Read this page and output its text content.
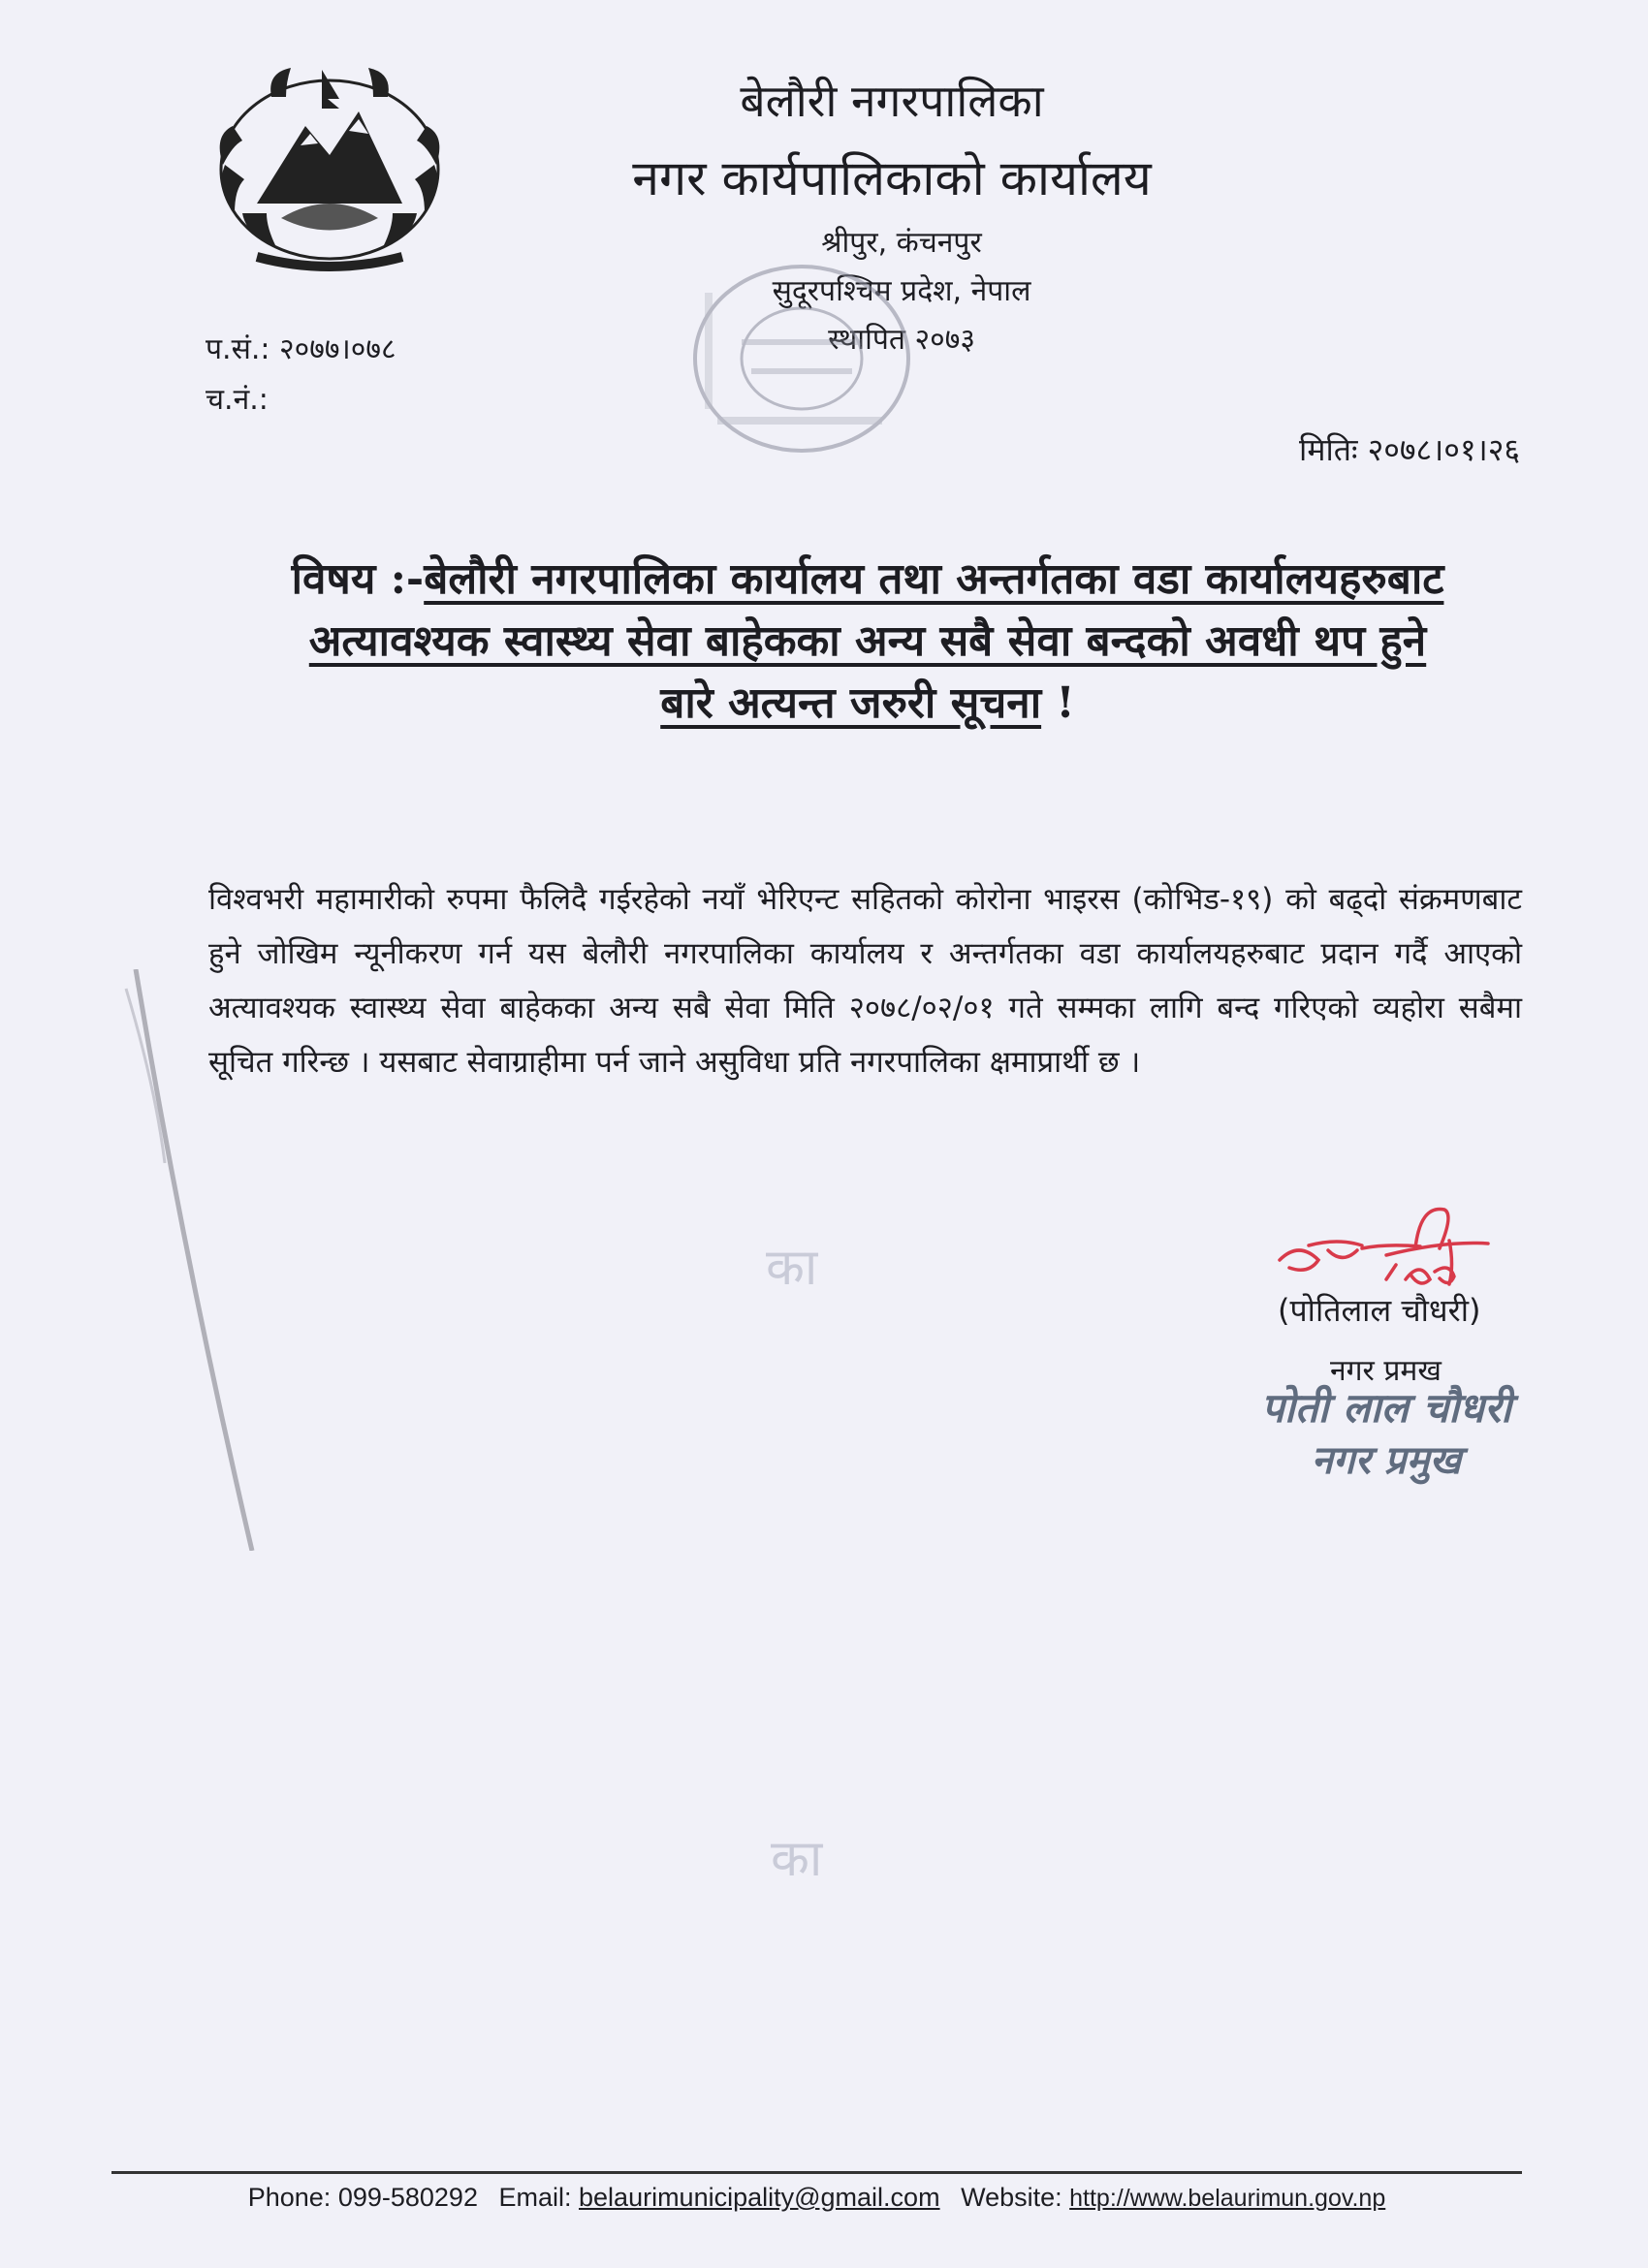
बेलौरी नगरपालिका
नगर कार्यपालिकाको कार्यालय
श्रीपुर, कंचनपुर
सुदूरपश्चिम प्रदेश, नेपाल
स्थापित २०७३
प.सं.: २०७७।०७८
च.नं.:
मितिः २०७८।०१।२६
विषय :-बेलौरी नगरपालिका कार्यालय तथा अन्तर्गतका वडा कार्यालयहरुबाट
अत्यावश्यक स्वास्थ्य सेवा बाहेकका अन्य सबै सेवा बन्दको अवधी थप हुने
बारे अत्यन्त जरुरी सूचना !
विश्वभरी महामारीको रुपमा फैलिदै गईरहेको नयाँ भेरिएन्ट सहितको कोरोना भाइरस (कोभिड-१९) को बढ्दो संक्रमणबाट हुने जोखिम न्यूनीकरण गर्न यस बेलौरी नगरपालिका कार्यालय र अन्तर्गतका वडा कार्यालयहरुबाट प्रदान गर्दै आएको अत्यावश्यक स्वास्थ्य सेवा बाहेकका अन्य सबै सेवा मिति २०७८/०२/०१ गते सम्मका लागि बन्द गरिएको व्यहोरा सबैमा सूचित गरिन्छ । यसबाट सेवाग्राहीमा पर्न जाने असुविधा प्रति नगरपालिका क्षमाप्रार्थी छ ।
का
का
(पोतिलाल चौधरी)
नगर प्रमख
पोती लाल चौधरी
नगर प्रमुख
Phone: 099-580292 Email: belaurimunicipality@gmail.com Website: http://www.belaurimun.gov.np
